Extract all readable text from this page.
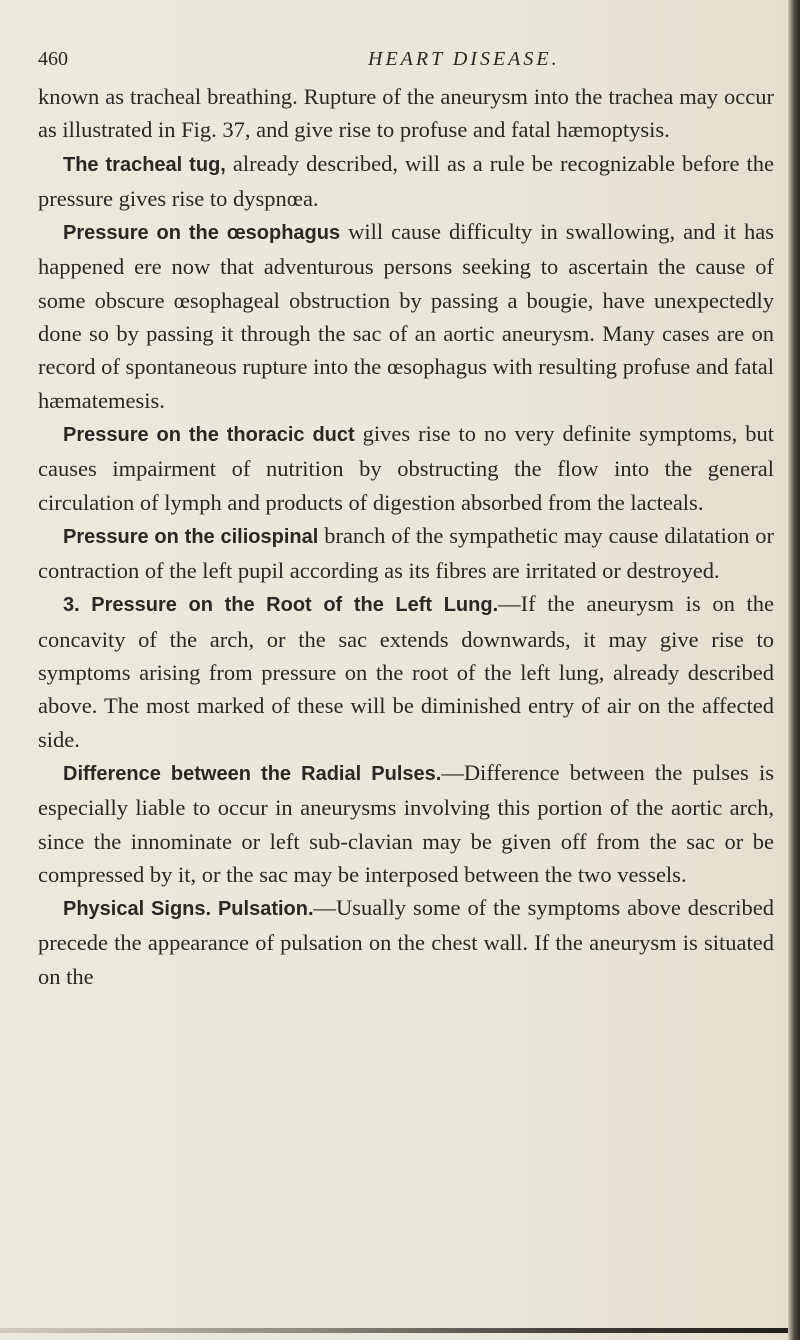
460	HEART DISEASE.

known as tracheal breathing. Rupture of the aneurysm into the trachea may occur as illustrated in Fig. 37, and give rise to profuse and fatal hæmoptysis.

The tracheal tug, already described, will as a rule be recognizable before the pressure gives rise to dyspnœa.

Pressure on the œsophagus will cause difficulty in swallowing, and it has happened ere now that adventurous persons seeking to ascertain the cause of some obscure œsophageal obstruction by passing a bougie, have unexpectedly done so by passing it through the sac of an aortic aneurysm. Many cases are on record of spontaneous rupture into the œsophagus with resulting profuse and fatal hæmatemesis.

Pressure on the thoracic duct gives rise to no very definite symptoms, but causes impairment of nutrition by obstructing the flow into the general circulation of lymph and products of digestion absorbed from the lacteals.

Pressure on the ciliospinal branch of the sympathetic may cause dilatation or contraction of the left pupil according as its fibres are irritated or destroyed.

3. Pressure on the Root of the Left Lung.—If the aneurysm is on the concavity of the arch, or the sac extends downwards, it may give rise to symptoms arising from pressure on the root of the left lung, already described above. The most marked of these will be diminished entry of air on the affected side.

Difference between the Radial Pulses.—Difference between the pulses is especially liable to occur in aneurysms involving this portion of the aortic arch, since the innominate or left sub-clavian may be given off from the sac or be compressed by it, or the sac may be interposed between the two vessels.

Physical Signs. Pulsation.—Usually some of the symptoms above described precede the appearance of pulsation on the chest wall. If the aneurysm is situated on the
